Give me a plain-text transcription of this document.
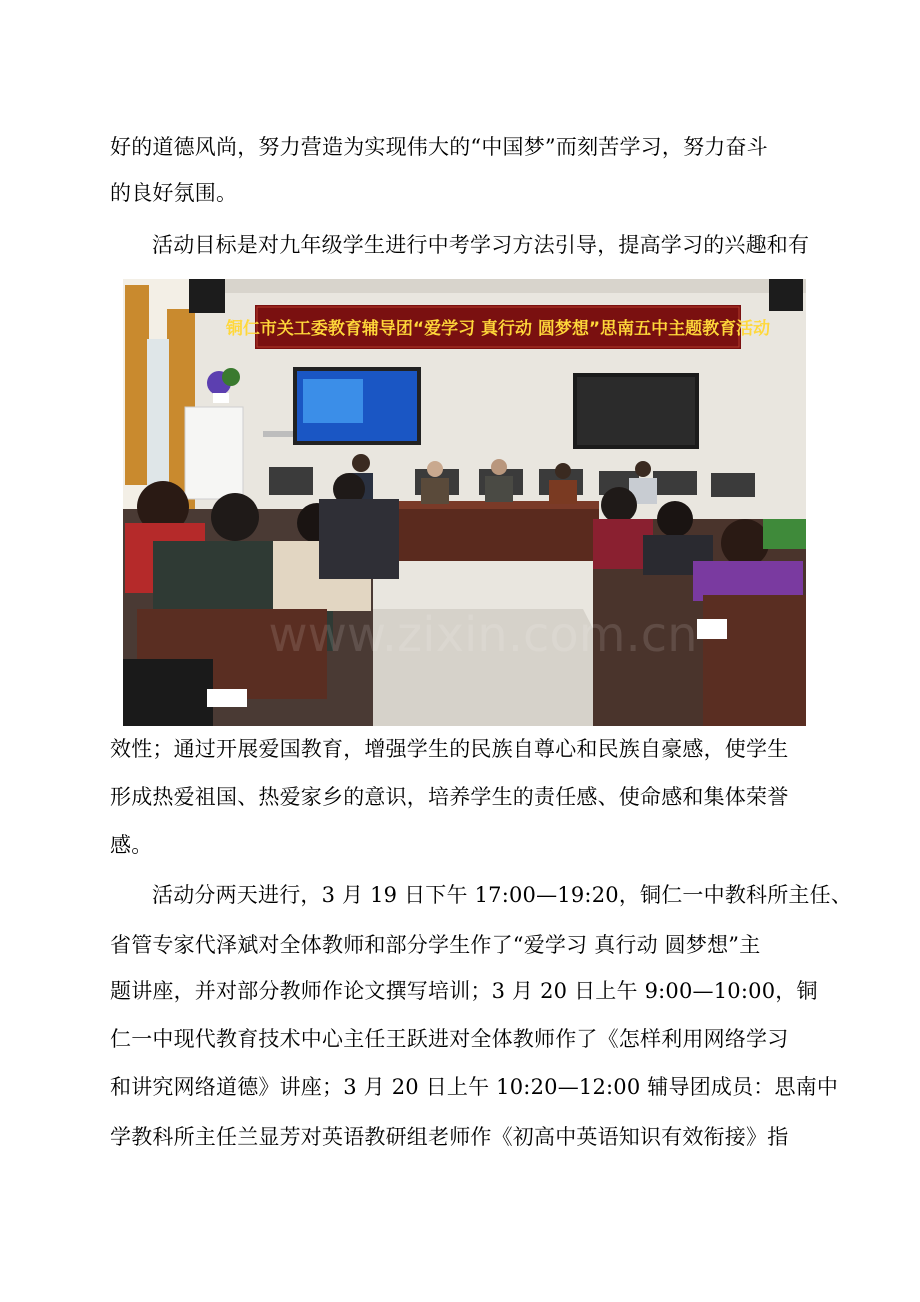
好的道德风尚，努力营造为实现伟大的“中国梦”而刻苦学习，努力奋斗
的良好氛围。
活动目标是对九年级学生进行中考学习方法引导，提高学习的兴趣和有
铜仁市关工委教育辅导团“爱学习 真行动 圆梦想”思南五中主题教育活动
www.zixin.com.cn
效性；通过开展爱国教育，增强学生的民族自尊心和民族自豪感，使学生
形成热爱祖国、热爱家乡的意识，培养学生的责任感、使命感和集体荣誉
感。
活动分两天进行，3 月 19 日下午 17:00—19:20，铜仁一中教科所主任、
省管专家代泽斌对全体教师和部分学生作了“爱学习 真行动 圆梦想”主
题讲座，并对部分教师作论文撰写培训；3 月 20 日上午 9:00—10:00，铜
仁一中现代教育技术中心主任王跃进对全体教师作了《怎样利用网络学习
和讲究网络道德》讲座；3 月 20 日上午 10:20—12:00 辅导团成员：思南中
学教科所主任兰显芳对英语教研组老师作《初高中英语知识有效衔接》指
